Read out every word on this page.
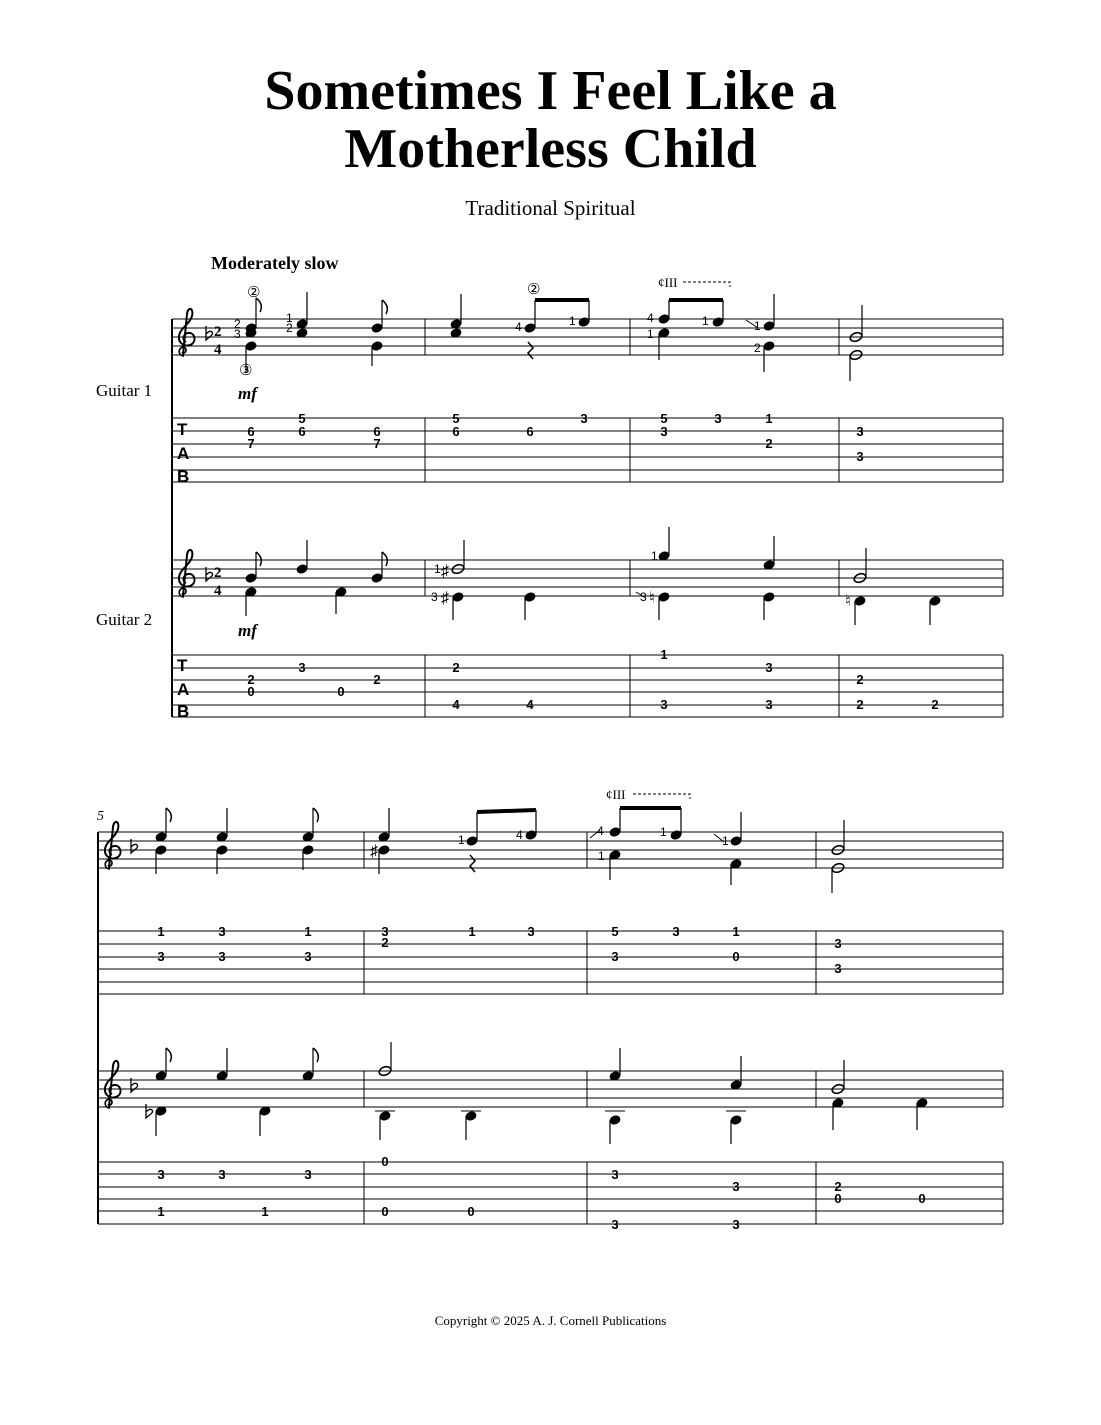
Sometimes I Feel Like a
Motherless Child
Traditional Spiritual
Moderately slow
Guitar 1
Guitar 2
2
4
2
4
T
A
B
T
A
B
2
3
1
2	4	1	4
1
1	1
2
②
③
②	¢III
mf
6
7
5
6	6
7
5
6	6
3	5
3
3	1
2
3
3
1
3
1
3
♯
♯	♮	♮
mf
2
0
3
0
2
2
4	4
1
3
3
3
2
2	2
5
1	4	4
1
1
1
♯
¢III
1
3
3
3
1
3
3
2
1	3	5
3
3	1
0
3
3
3
1
3
1
3
0
0	0
3
3
3
3
2
0	0
Copyright © 2025 A. J. Cornell Publications
